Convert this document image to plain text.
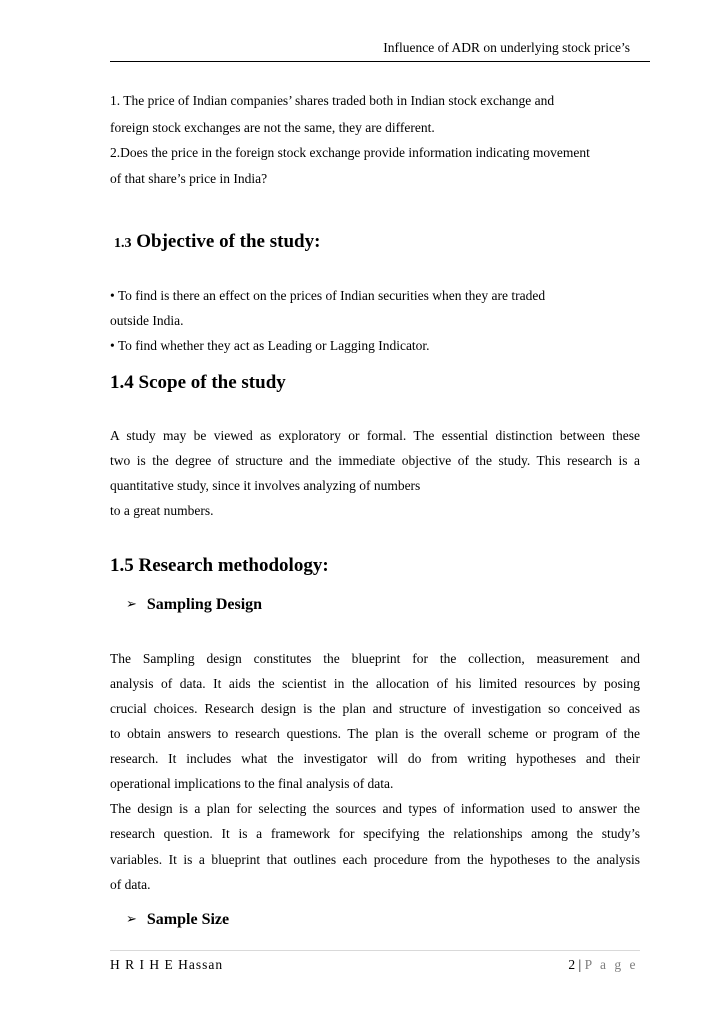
Influence of ADR on underlying stock price’s
1. The price of Indian companies’ shares traded both in Indian stock exchange and
foreign stock exchanges are not the same, they are different.
2.Does the price in the foreign stock exchange provide information indicating movement
of that share’s price in India?
1.3 Objective of the study:
• To find is there an effect on the prices of Indian securities when they are traded
outside India.
• To find whether they act as Leading or Lagging Indicator.
1.4 Scope of the study
A study may be viewed as exploratory or formal. The essential distinction between these
two is the degree of structure and the immediate objective of the study. This research is a
quantitative study, since it involves analyzing of numbers
to a great numbers.
1.5 Research methodology:
➢ Sampling Design
The Sampling design constitutes the blueprint for the collection, measurement and
analysis of data. It aids the scientist in the allocation of his limited resources by posing
crucial choices. Research design is the plan and structure of investigation so conceived as
to obtain answers to research questions. The plan is the overall scheme or program of the
research. It includes what the investigator will do from writing hypotheses and their
operational implications to the final analysis of data.
The design is a plan for selecting the sources and types of information used to answer the
research question. It is a framework for specifying the relationships among the study’s
variables. It is a blueprint that outlines each procedure from the hypotheses to the analysis
of data.
➢ Sample Size
H R I H E Hassan	2 | P a g e
